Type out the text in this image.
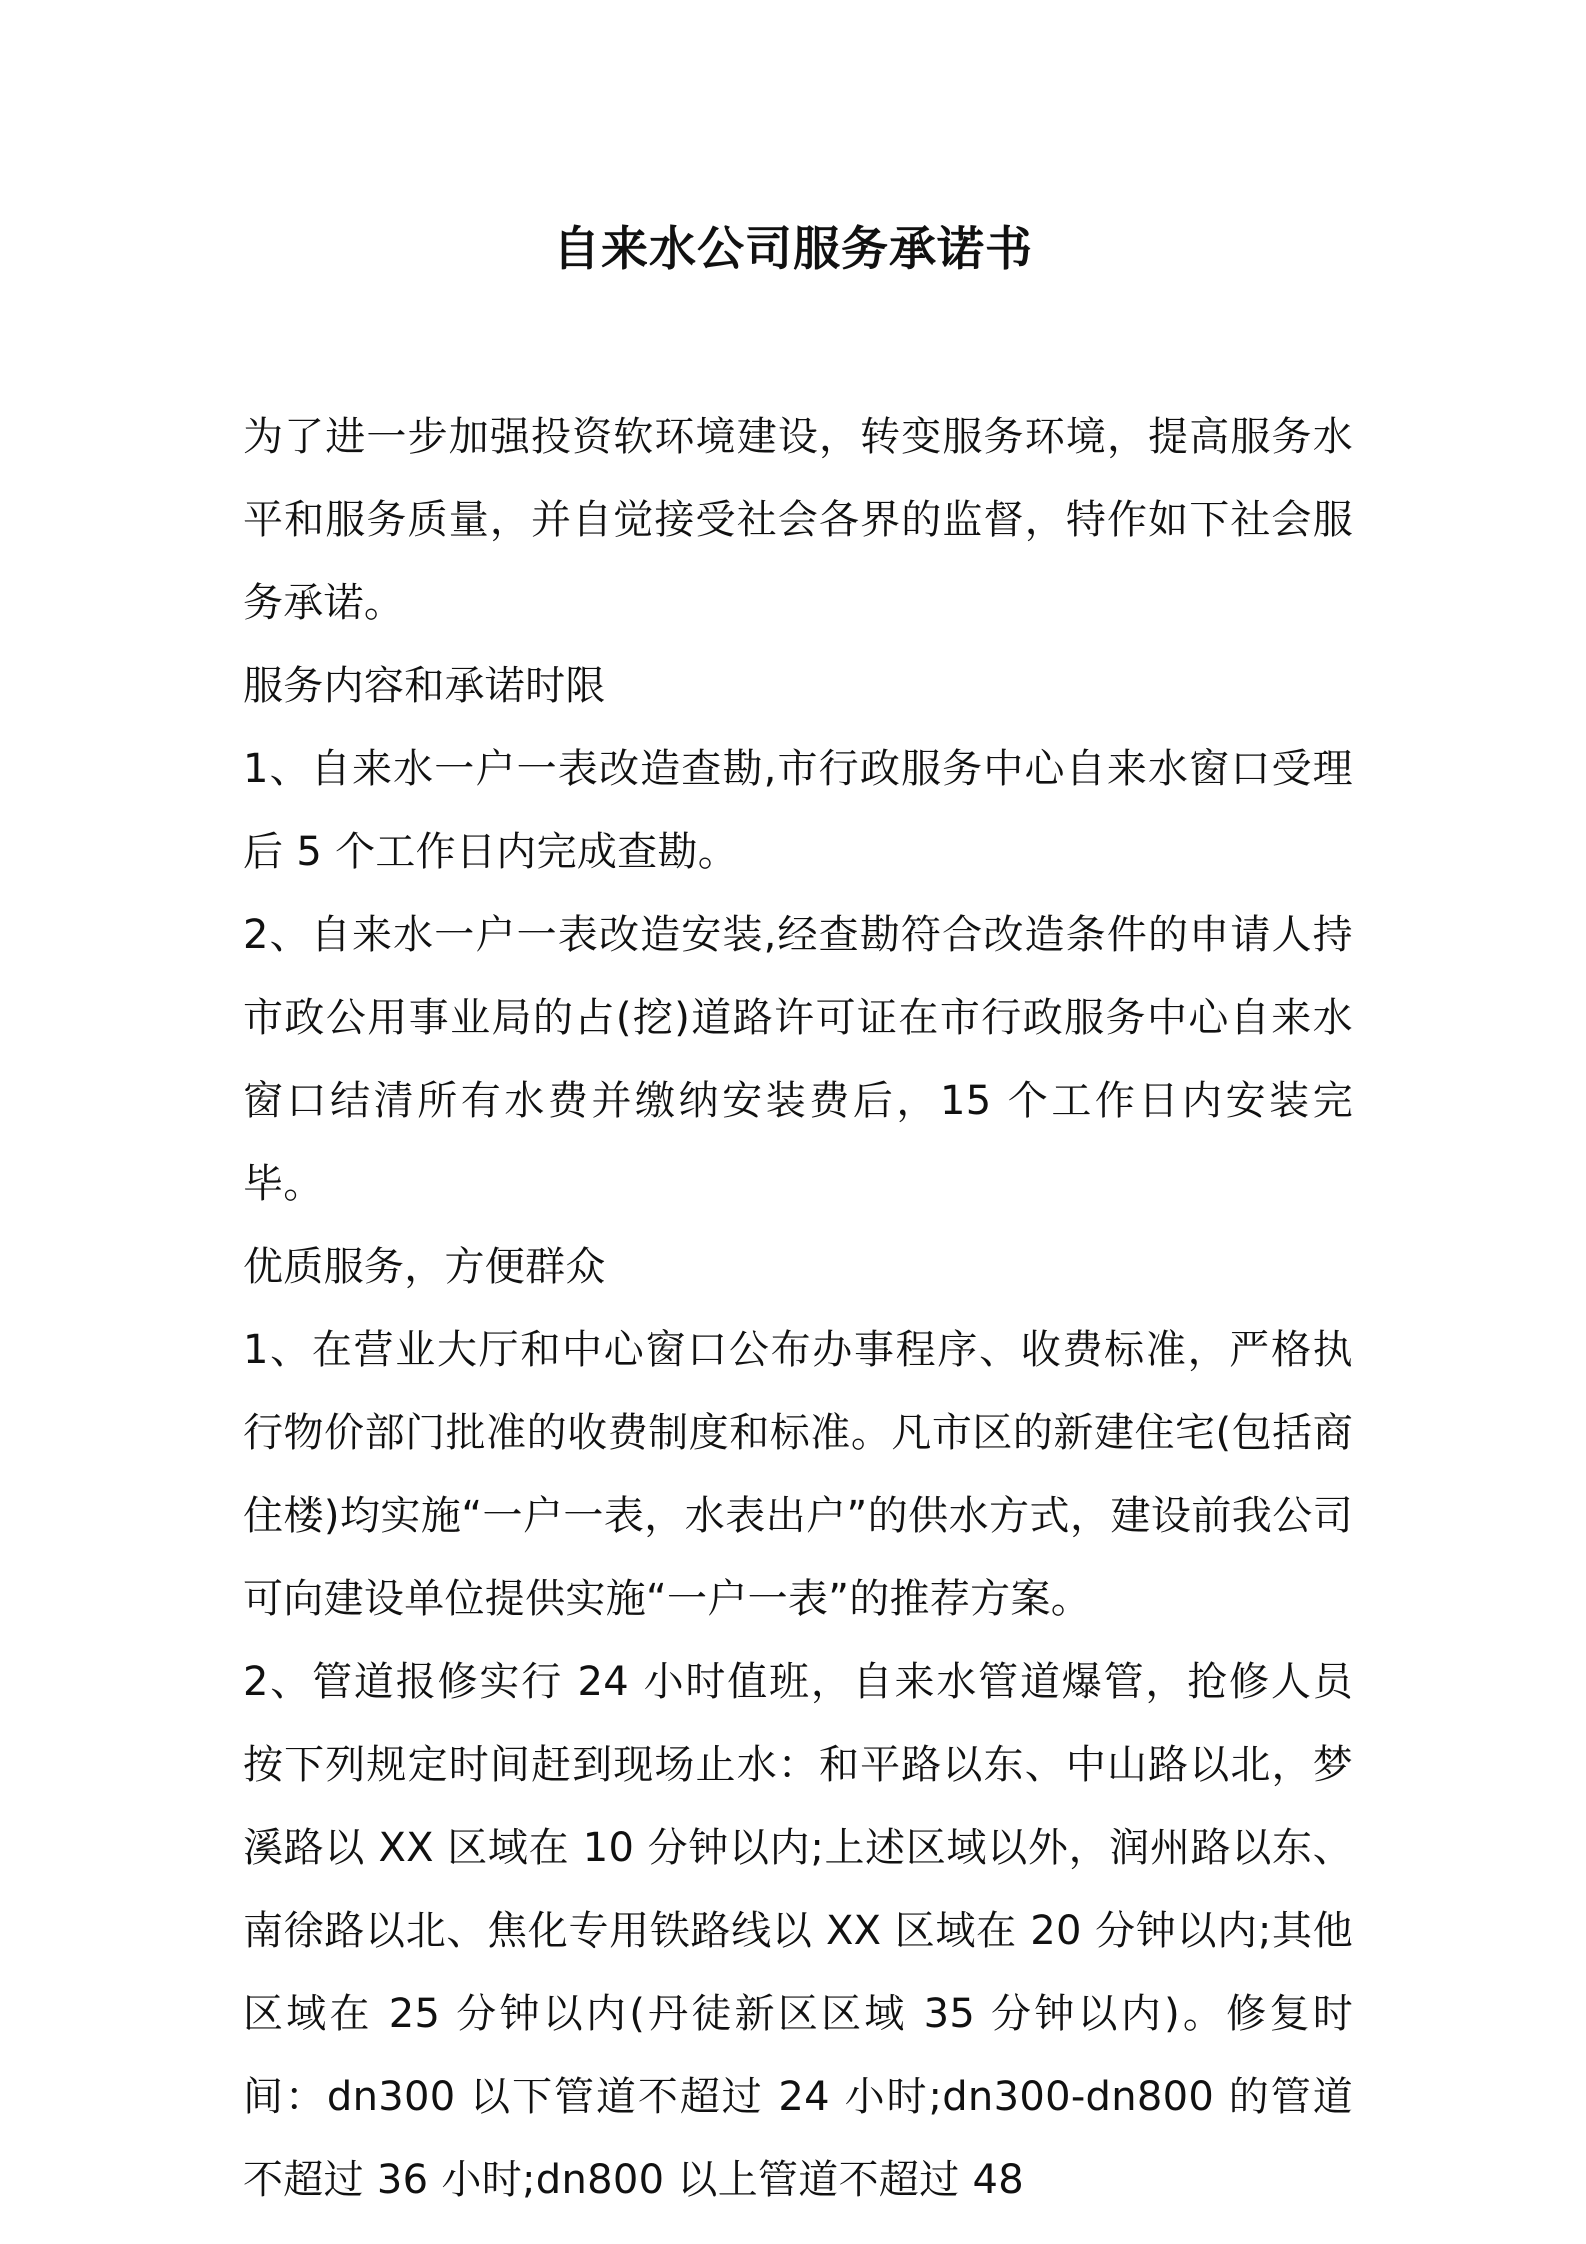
自来水公司服务承诺书

为了进一步加强投资软环境建设，转变服务环境，提高服务水平和服务质量，并自觉接受社会各界的监督，特作如下社会服务承诺。

服务内容和承诺时限

1、自来水一户一表改造查勘,市行政服务中心自来水窗口受理后 5 个工作日内完成查勘。

2、自来水一户一表改造安装,经查勘符合改造条件的申请人持市政公用事业局的占(挖)道路许可证在市行政服务中心自来水窗口结清所有水费并缴纳安装费后，15 个工作日内安装完毕。

优质服务，方便群众

1、在营业大厅和中心窗口公布办事程序、收费标准，严格执行物价部门批准的收费制度和标准。凡市区的新建住宅(包括商住楼)均实施“一户一表，水表出户”的供水方式，建设前我公司可向建设单位提供实施“一户一表”的推荐方案。

2、管道报修实行 24 小时值班，自来水管道爆管，抢修人员按下列规定时间赶到现场止水：和平路以东、中山路以北，梦溪路以 XX 区域在 10 分钟以内;上述区域以外，润州路以东、南徐路以北、焦化专用铁路线以 XX 区域在 20 分钟以内;其他区域在 25 分钟以内(丹徒新区区域 35 分钟以内)。修复时间：dn300 以下管道不超过 24 小时;dn300-dn800 的管道不超过 36 小时;dn800 以上管道不超过 48
